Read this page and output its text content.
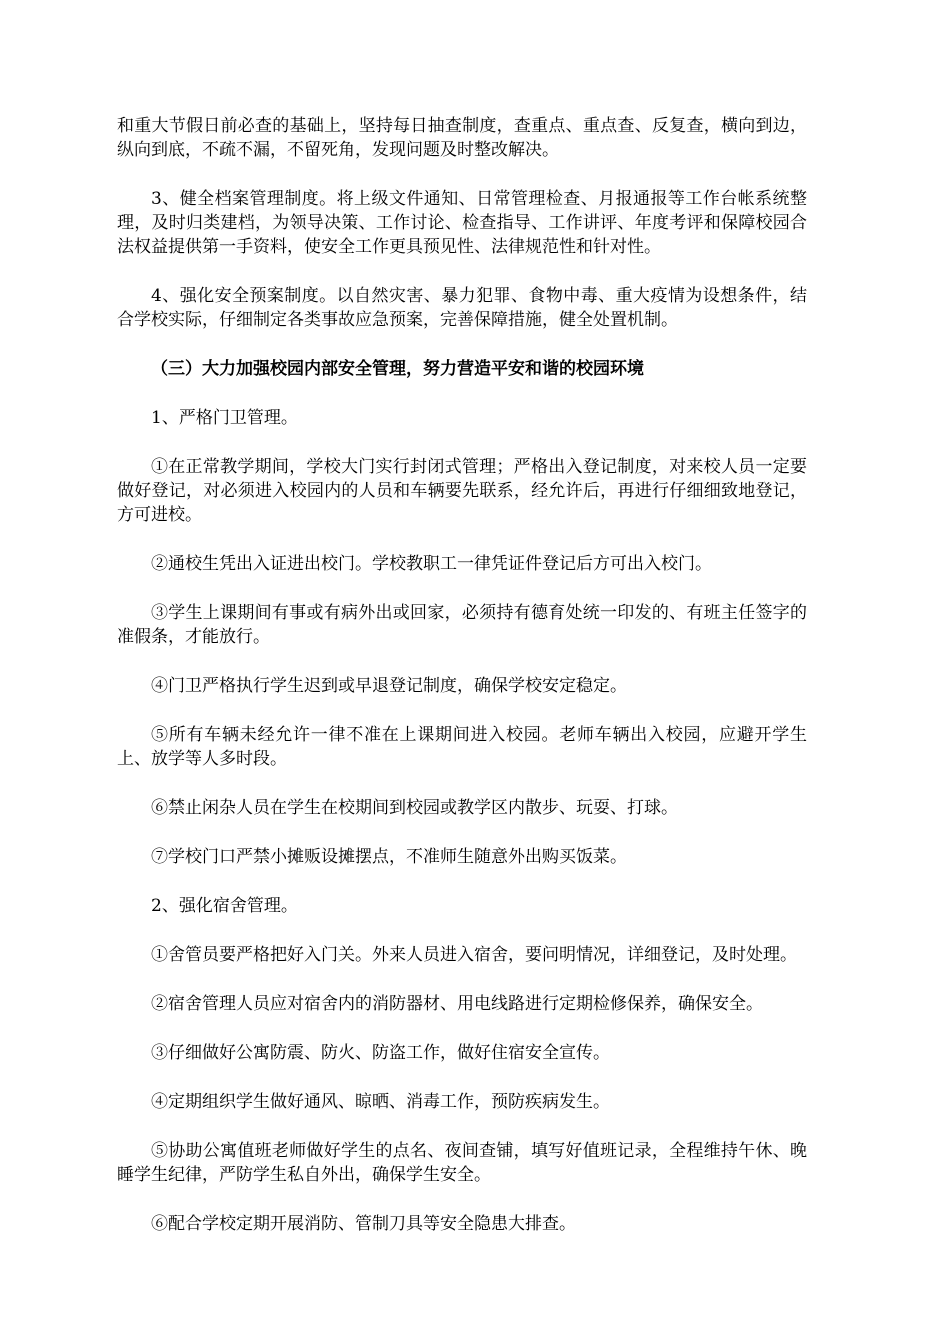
和重大节假日前必查的基础上，坚持每日抽查制度，查重点、重点查、反复查，横向到边，纵向到底，不疏不漏，不留死角，发现问题及时整改解决。

3、健全档案管理制度。将上级文件通知、日常管理检查、月报通报等工作台帐系统整理，及时归类建档，为领导决策、工作讨论、检查指导、工作讲评、年度考评和保障校园合法权益提供第一手资料，使安全工作更具预见性、法律规范性和针对性。

4、强化安全预案制度。以自然灾害、暴力犯罪、食物中毒、重大疫情为设想条件，结合学校实际，仔细制定各类事故应急预案，完善保障措施，健全处置机制。

（三）大力加强校园内部安全管理，努力营造平安和谐的校园环境

1、严格门卫管理。

①在正常教学期间，学校大门实行封闭式管理；严格出入登记制度，对来校人员一定要做好登记，对必须进入校园内的人员和车辆要先联系，经允许后，再进行仔细细致地登记，方可进校。

②通校生凭出入证进出校门。学校教职工一律凭证件登记后方可出入校门。

③学生上课期间有事或有病外出或回家，必须持有德育处统一印发的、有班主任签字的准假条，才能放行。

④门卫严格执行学生迟到或早退登记制度，确保学校安定稳定。

⑤所有车辆未经允许一律不准在上课期间进入校园。老师车辆出入校园，应避开学生上、放学等人多时段。

⑥禁止闲杂人员在学生在校期间到校园或教学区内散步、玩耍、打球。

⑦学校门口严禁小摊贩设摊摆点，不准师生随意外出购买饭菜。

2、强化宿舍管理。

①舍管员要严格把好入门关。外来人员进入宿舍，要问明情况，详细登记，及时处理。

②宿舍管理人员应对宿舍内的消防器材、用电线路进行定期检修保养，确保安全。

③仔细做好公寓防震、防火、防盗工作，做好住宿安全宣传。

④定期组织学生做好通风、晾晒、消毒工作，预防疾病发生。

⑤协助公寓值班老师做好学生的点名、夜间查铺，填写好值班记录，全程维持午休、晚睡学生纪律，严防学生私自外出，确保学生安全。

⑥配合学校定期开展消防、管制刀具等安全隐患大排查。
